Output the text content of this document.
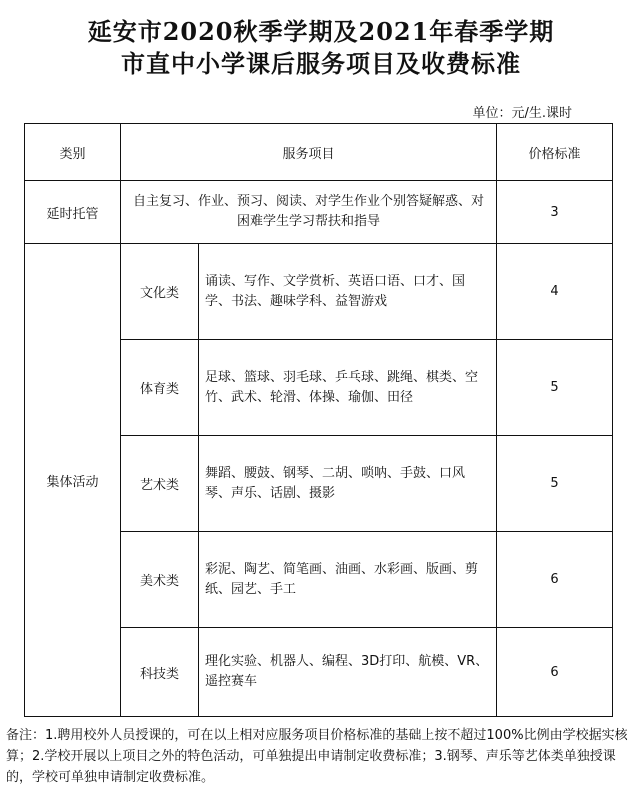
延安市2020秋季学期及2021年春季学期
市直中小学课后服务项目及收费标准
单位：元/生.课时
类别	服务项目		价格标准
延时托管	自主复习、作业、预习、阅读、对学生作业个别答疑解惑、对困难学生学习帮扶和指导		3
集体活动	文化类	诵读、写作、文学赏析、英语口语、口才、国学、书法、趣味学科、益智游戏	4
	体育类	足球、篮球、羽毛球、乒乓球、跳绳、棋类、空竹、武术、轮滑、体操、瑜伽、田径	5
	艺术类	舞蹈、腰鼓、钢琴、二胡、唢呐、手鼓、口风琴、声乐、话剧、摄影	5
	美术类	彩泥、陶艺、简笔画、油画、水彩画、版画、剪纸、园艺、手工	6
	科技类	理化实验、机器人、编程、3D打印、航模、VR、遥控赛车	6
备注：1.聘用校外人员授课的，可在以上相对应服务项目价格标准的基础上按不超过100%比例由学校据实核算；2.学校开展以上项目之外的特色活动，可单独提出申请制定收费标准；3.钢琴、声乐等艺体类单独授课的，学校可单独申请制定收费标准。
